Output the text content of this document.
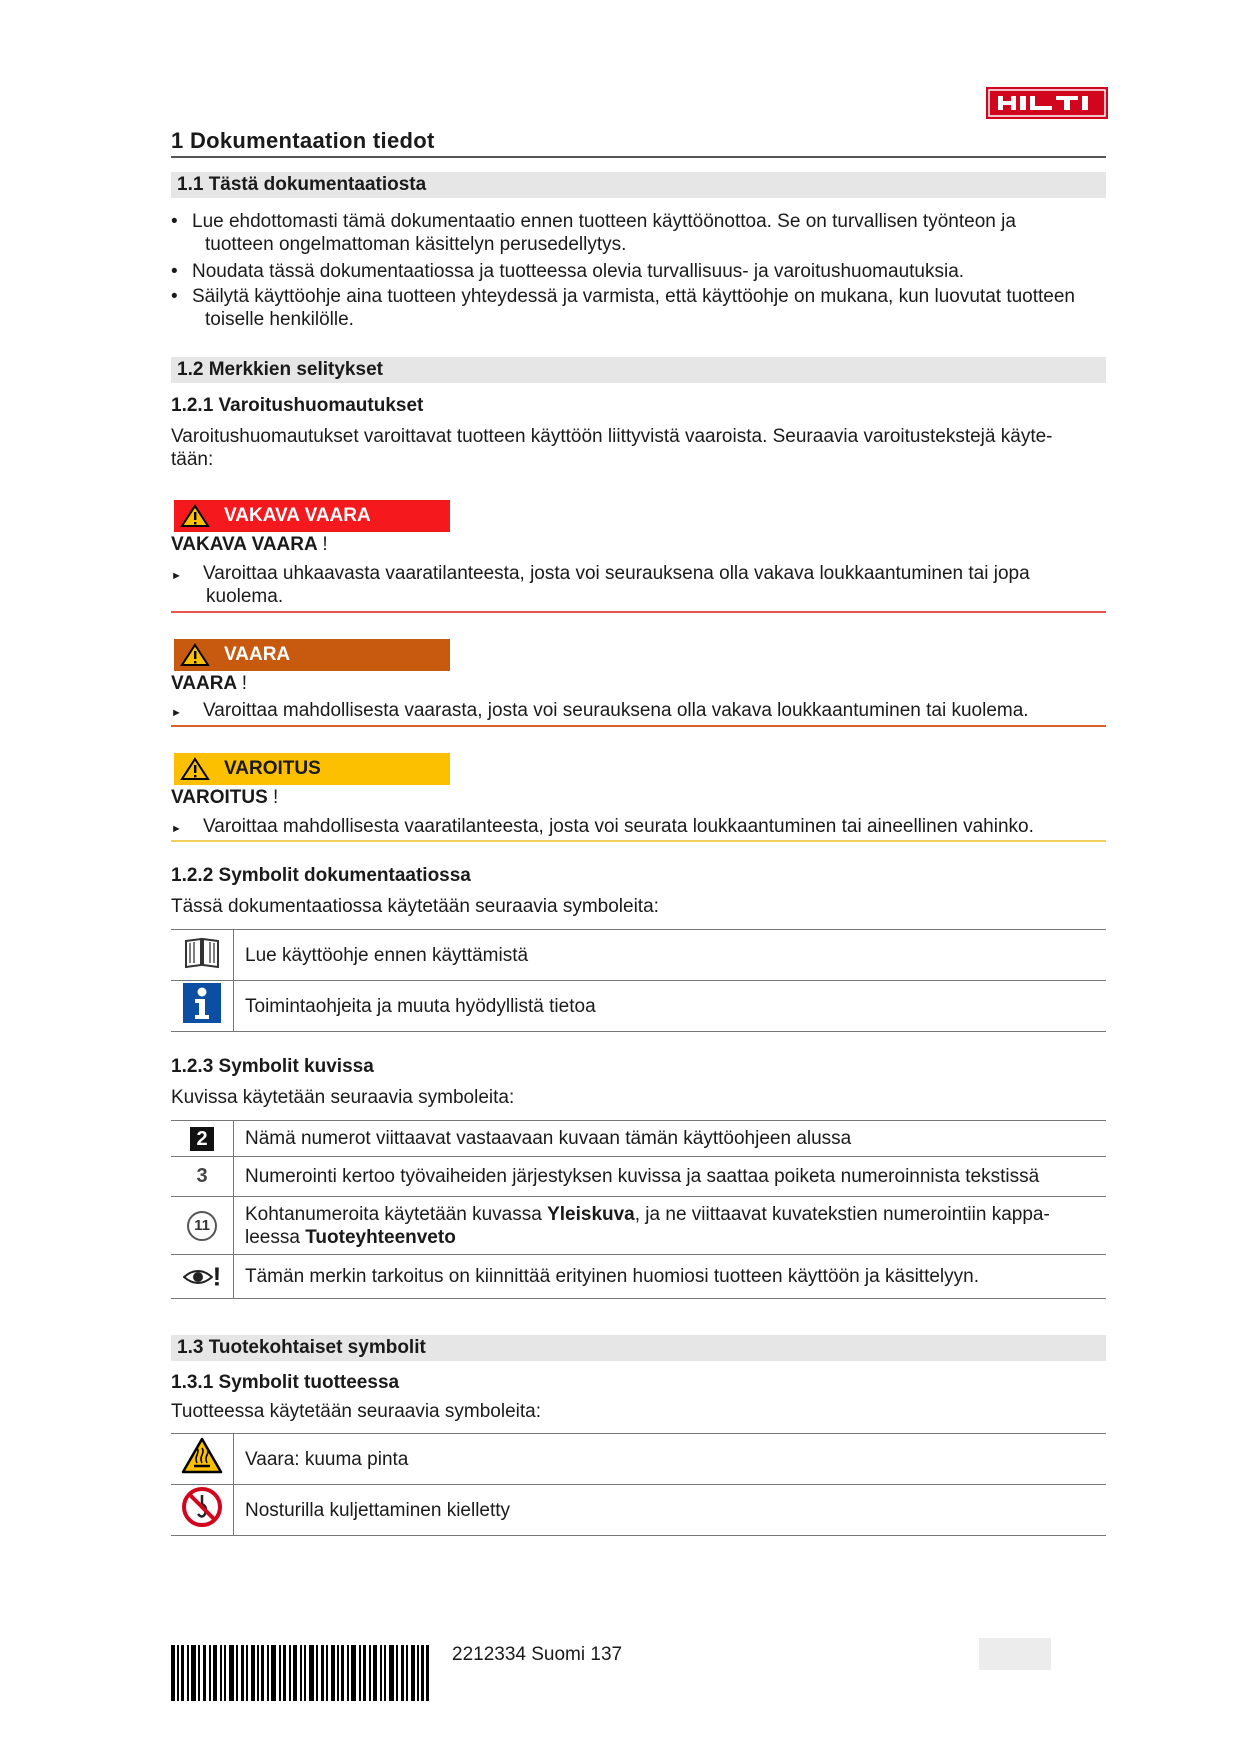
1 Dokumentaation tiedot
1.1 Tästä dokumentaatiosta
• Lue ehdottomasti tämä dokumentaatio ennen tuotteen käyttöönottoa. Se on turvallisen työnteon ja
tuotteen ongelmattoman käsittelyn perusedellytys.
• Noudata tässä dokumentaatiossa ja tuotteessa olevia turvallisuus- ja varoitushuomautuksia.
• Säilytä käyttöohje aina tuotteen yhteydessä ja varmista, että käyttöohje on mukana, kun luovutat tuotteen
toiselle henkilölle.
1.2 Merkkien selitykset
1.2.1 Varoitushuomautukset
Varoitushuomautukset varoittavat tuotteen käyttöön liittyvistä vaaroista. Seuraavia varoitustekstejä käyte-
tään:
VAKAVA VAARA
VAKAVA VAARA !
► Varoittaa uhkaavasta vaaratilanteesta, josta voi seurauksena olla vakava loukkaantuminen tai jopa
kuolema.
VAARA
VAARA !
► Varoittaa mahdollisesta vaarasta, josta voi seurauksena olla vakava loukkaantuminen tai kuolema.
VAROITUS
VAROITUS !
► Varoittaa mahdollisesta vaaratilanteesta, josta voi seurata loukkaantuminen tai aineellinen vahinko.
1.2.2 Symbolit dokumentaatiossa
Tässä dokumentaatiossa käytetään seuraavia symboleita:
	Lue käyttöohje ennen käyttämistä
	Toimintaohjeita ja muuta hyödyllistä tietoa
1.2.3 Symbolit kuvissa
Kuvissa käytetään seuraavia symboleita:
2	Nämä numerot viittaavat vastaavaan kuvaan tämän käyttöohjeen alussa
3	Numerointi kertoo työvaiheiden järjestyksen kuvissa ja saattaa poiketa numeroinnista tekstissä
11	Kohtanumeroita käytetään kuvassa Yleiskuva, ja ne viittaavat kuvatekstien numerointiin kappa-
leessa Tuoteyhteenveto
!	Tämän merkin tarkoitus on kiinnittää erityinen huomiosi tuotteen käyttöön ja käsittelyyn.
1.3 Tuotekohtaiset symbolit
1.3.1 Symbolit tuotteessa
Tuotteessa käytetään seuraavia symboleita:
	Vaara: kuuma pinta
	Nosturilla kuljettaminen kielletty
2212334 Suomi 137
